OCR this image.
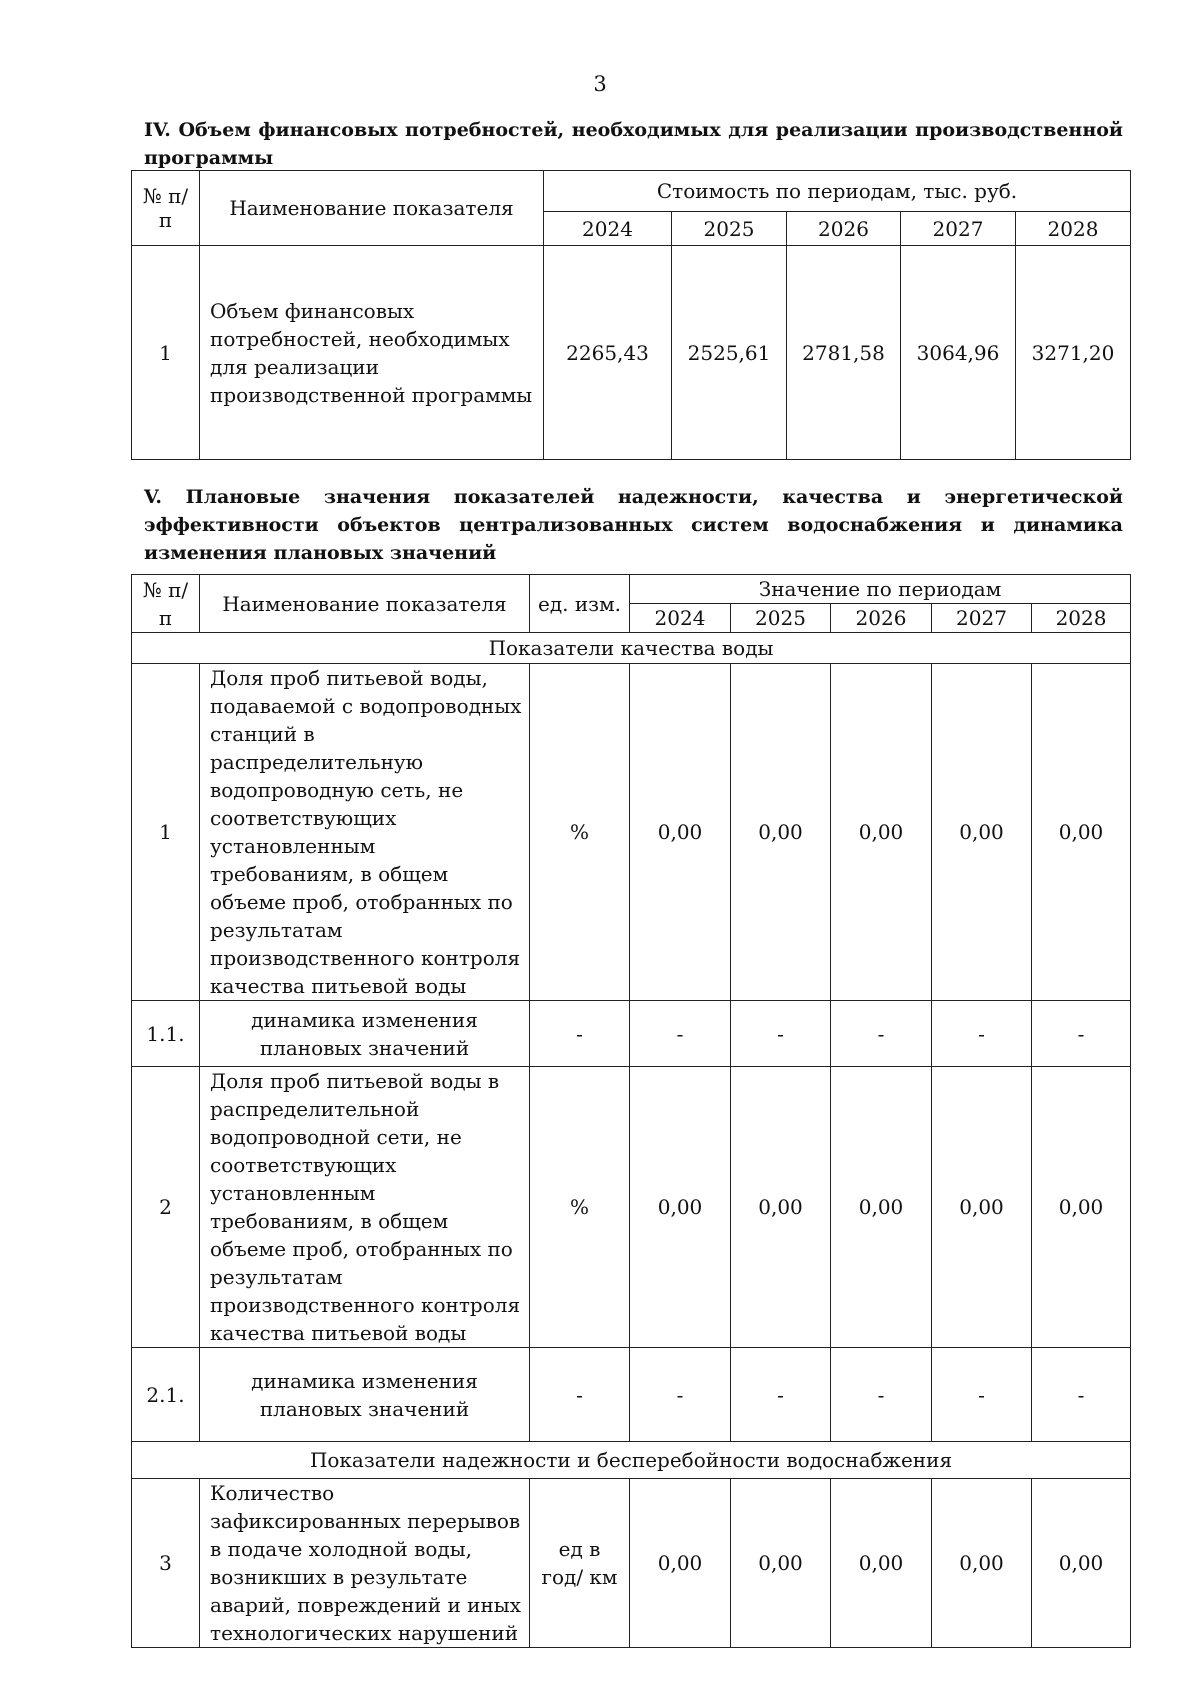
3
IV. Объем финансовых потребностей, необходимых для реализации производственной программы
№ п/п	Наименование показателя	Стоимость по периодам, тыс. руб.				
		2024	2025	2026	2027	2028
1	Объем финансовых потребностей, необходимых для реализации производственной программы	2265,43	2525,61	2781,58	3064,96	3271,20
V. Плановые значения показателей надежности, качества и энергетической эффективности объектов централизованных систем водоснабжения и динамика изменения плановых значений
№ п/п	Наименование показателя	ед. изм.	Значение по периодам				
			2024	2025	2026	2027	2028
Показатели качества воды							
1	Доля проб питьевой воды, подаваемой с водопроводных станций в распределительную водопроводную сеть, не соответствующих установленным требованиям, в общем объеме проб, отобранных по результатам производственного контроля качества питьевой воды	%	0,00	0,00	0,00	0,00	0,00
1.1.	динамика изменения плановых значений	-	-	-	-	-	-
2	Доля проб питьевой воды в распределительной водопроводной сети, не соответствующих установленным требованиям, в общем объеме проб, отобранных по результатам производственного контроля качества питьевой воды	%	0,00	0,00	0,00	0,00	0,00
2.1.	динамика изменения плановых значений	-	-	-	-	-	-
Показатели надежности и бесперебойности водоснабжения							
3	Количество зафиксированных перерывов в подаче холодной воды, возникших в результате аварий, повреждений и иных технологических нарушений	ед в год/ км	0,00	0,00	0,00	0,00	0,00
